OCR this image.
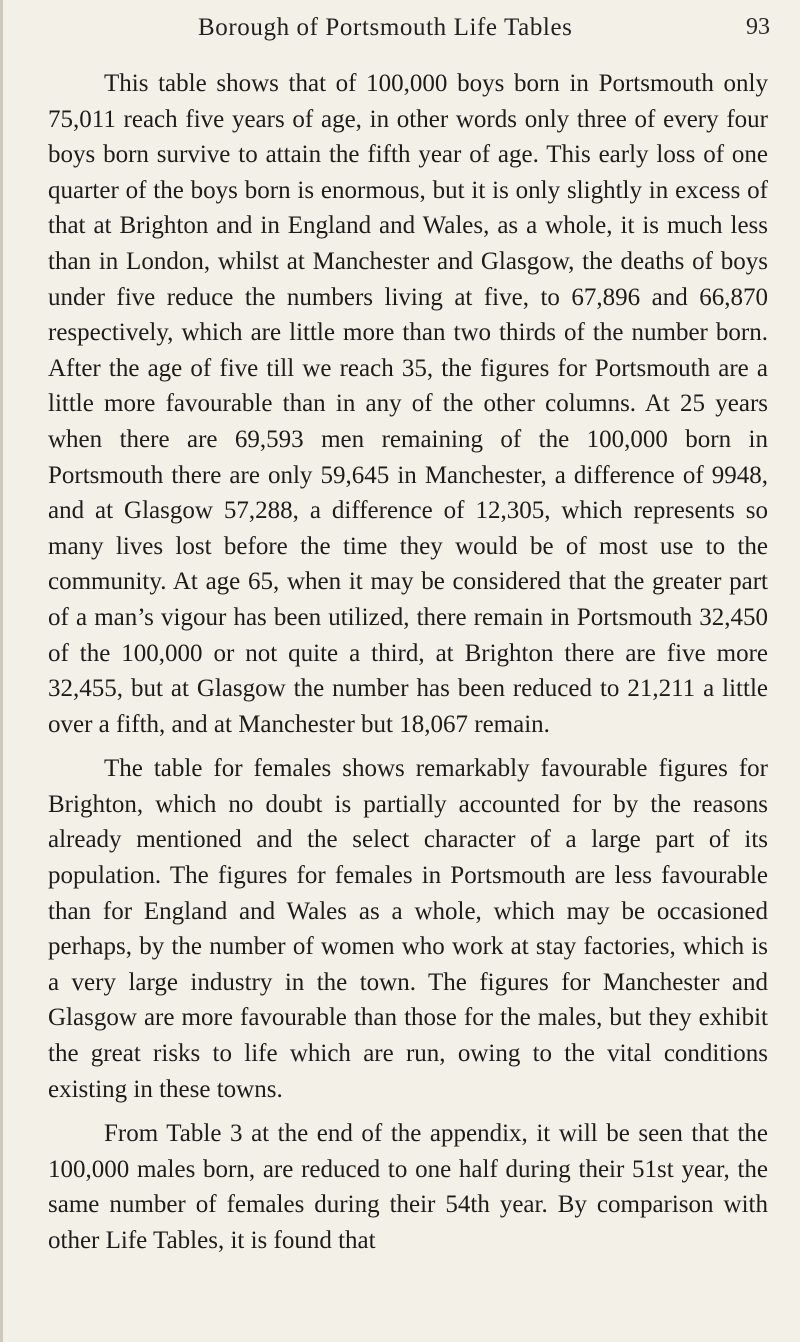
Borough of Portsmouth Life Tables	93

This table shows that of 100,000 boys born in Portsmouth only 75,011 reach five years of age, in other words only three of every four boys born survive to attain the fifth year of age. This early loss of one quarter of the boys born is enormous, but it is only slightly in excess of that at Brighton and in England and Wales, as a whole, it is much less than in London, whilst at Manchester and Glasgow, the deaths of boys under five reduce the numbers living at five, to 67,896 and 66,870 respectively, which are little more than two thirds of the number born. After the age of five till we reach 35, the figures for Portsmouth are a little more favourable than in any of the other columns. At 25 years when there are 69,593 men remaining of the 100,000 born in Portsmouth there are only 59,645 in Manchester, a difference of 9948, and at Glasgow 57,288, a difference of 12,305, which represents so many lives lost before the time they would be of most use to the community. At age 65, when it may be considered that the greater part of a man’s vigour has been utilized, there remain in Portsmouth 32,450 of the 100,000 or not quite a third, at Brighton there are five more 32,455, but at Glasgow the number has been reduced to 21,211 a little over a fifth, and at Manchester but 18,067 remain.

The table for females shows remarkably favourable figures for Brighton, which no doubt is partially accounted for by the reasons already mentioned and the select character of a large part of its population. The figures for females in Portsmouth are less favourable than for England and Wales as a whole, which may be occasioned perhaps, by the number of women who work at stay factories, which is a very large industry in the town. The figures for Manchester and Glasgow are more favourable than those for the males, but they exhibit the great risks to life which are run, owing to the vital conditions existing in these towns.

From Table 3 at the end of the appendix, it will be seen that the 100,000 males born, are reduced to one half during their 51st year, the same number of females during their 54th year. By comparison with other Life Tables, it is found that
